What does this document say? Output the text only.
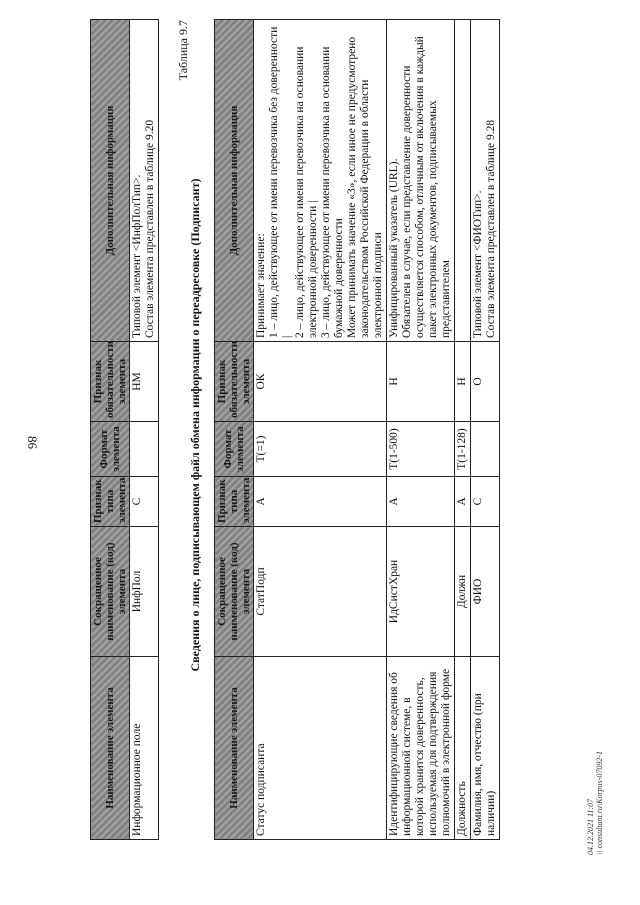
86
Наименование элемента	Сокращенное наименование (код) элемента	Признак типа элемента	Формат элемента	Признак обязательности элемента	Дополнительная информация
Информационное поле	ИнфПол	С		НМ	Типовой элемент <ИнфПолТип>. Состав элемента представлен в таблице 9.20
Таблица 9.7
Сведения о лице, подписывающем файл обмена информации о переадресовке (Подписант)
Наименование элемента	Сокращенное наименование (код) элемента	Признак типа элемента	Формат элемента	Признак обязательности элемента	Дополнительная информация
Статус подписанта	СтатПодп	А	Т(=1)	ОК	Принимает значение: 1 – лицо, действующее от имени перевозчика без доверенности | 2 – лицо, действующее от имени перевозчика на основании электронной доверенности | 3 – лицо, действующее от имени перевозчика на основании бумажной доверенности Может принимать значение «3», если иное не предусмотрено законодательством Российской Федерации в области электронной подписи

Идентифицирующие сведения об информационной системе, в которой хранится доверенность, используемая для подтверждения полномочий в электронной форме	ИдСистХран	А	Т(1-500)	Н	Унифицированный указатель (URL). Обязателен в случае, если представление доверенности осуществляется способом, отличным от включения в каждый пакет электронных документов, подписываемых представителем

Должность	Должн	А	Т(1-128)	Н	
Фамилия, имя, отчество (при наличии)	ФИО	С		О	Типовой элемент <ФИОТип>. Состав элемента представлен в таблице 9.28
04.12.2021 11:07 \\ consultant.ru\Korpus-07092-1
